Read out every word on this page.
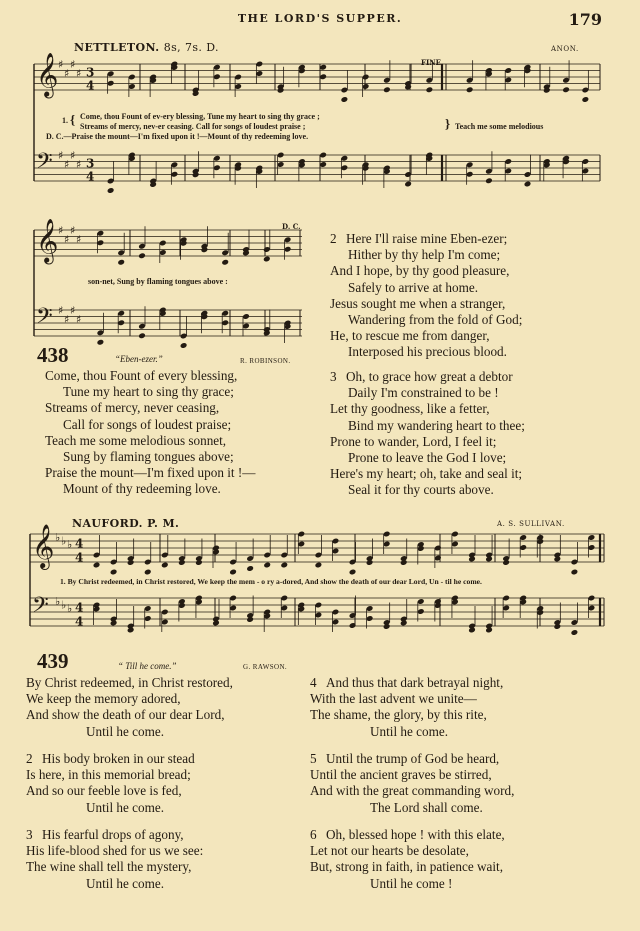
THE LORD'S SUPPER.	179
𝄞 ♯
♯
♯
♯ 3
4
𝄢 ♯
♯
♯
♯ 3
4
𝄞 ♯
♯
♯
♯
𝄢 ♯
♯
♯
♯
𝄞 ♭ ♭ ♭ 4
4
𝄢 ♭ ♭ ♭ 4
4
NETTLETON. 8s, 7s. D.	ANON.
FINE.
1. { Come, thou Fount of ev-ery blessing, Tune my heart to sing thy grace ;
Streams of mercy, nev-er ceasing. Call for songs of loudest praise ;	} Teach me some melodious
D. C.—Praise the mount—I'm fixed upon it !—Mount of thy redeeming love.
D. C.
son-net, Sung by flaming tongues above :
438	“Eben-ezer.”	R. ROBINSON.
Come, thou Fount of every blessing,
Tune my heart to sing thy grace;
Streams of mercy, never ceasing,
Call for songs of loudest praise;
Teach me some melodious sonnet,
Sung by flaming tongues above;
Praise the mount—I'm fixed upon it !—
Mount of thy redeeming love.
2 Here I'll raise mine Eben-ezer;
Hither by thy help I'm come;
And I hope, by thy good pleasure,
Safely to arrive at home.
Jesus sought me when a stranger,
Wandering from the fold of God;
He, to rescue me from danger,
Interposed his precious blood.
3 Oh, to grace how great a debtor
Daily I'm constrained to be !
Let thy goodness, like a fetter,
Bind my wandering heart to thee;
Prone to wander, Lord, I feel it;
Prone to leave the God I love;
Here's my heart; oh, take and seal it;
Seal it for thy courts above.
NAUFORD. P. M.	A. S. SULLIVAN.
1. By Christ redeemed, in Christ restored, We keep the mem - o ry a-dored, And show the death of our dear Lord, Un - til he come.
439	“ Till he come.”	G. RAWSON.
By Christ redeemed, in Christ restored,
We keep the memory adored,
And show the death of our dear Lord,
Until he come.
2 His body broken in our stead
Is here, in this memorial bread;
And so our feeble love is fed,
Until he come.
3 His fearful drops of agony,
His life-blood shed for us we see:
The wine shall tell the mystery,
Until he come.
4 And thus that dark betrayal night,
With the last advent we unite—
The shame, the glory, by this rite,
Until he come.
5 Until the trump of God be heard,
Until the ancient graves be stirred,
And with the great commanding word,
The Lord shall come.
6 Oh, blessed hope ! with this elate,
Let not our hearts be desolate,
But, strong in faith, in patience wait,
Until he come !
